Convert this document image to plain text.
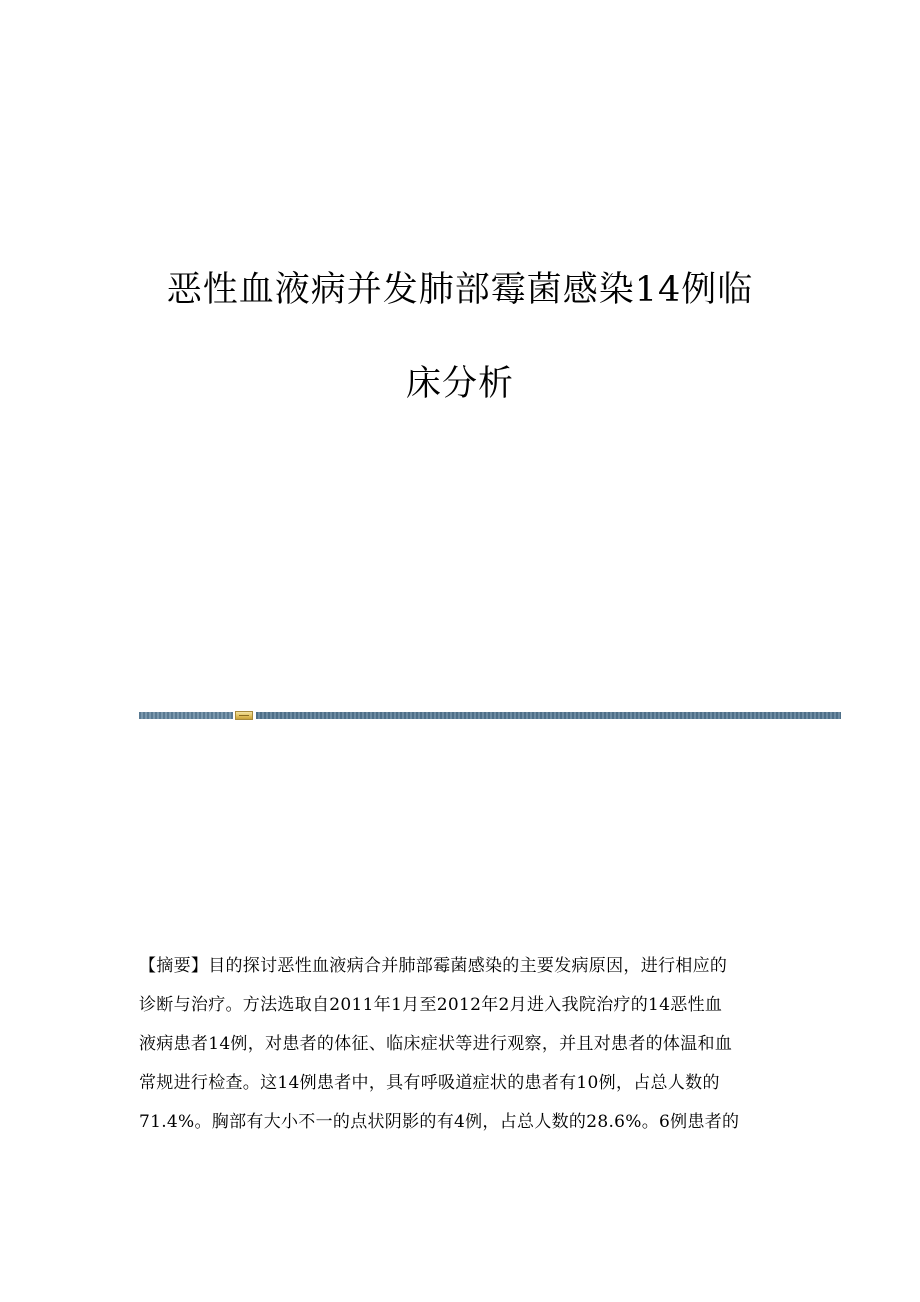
恶性血液病并发肺部霉菌感染14例临
床分析
【摘要】目的探讨恶性血液病合并肺部霉菌感染的主要发病原因，进行相应的
诊断与治疗。方法选取自2011年1月至2012年2月进入我院治疗的14恶性血
液病患者14例，对患者的体征、临床症状等进行观察，并且对患者的体温和血
常规进行检查。这14例患者中，具有呼吸道症状的患者有10例，占总人数的
71.4%。胸部有大小不一的点状阴影的有4例，占总人数的28.6%。6例患者的
